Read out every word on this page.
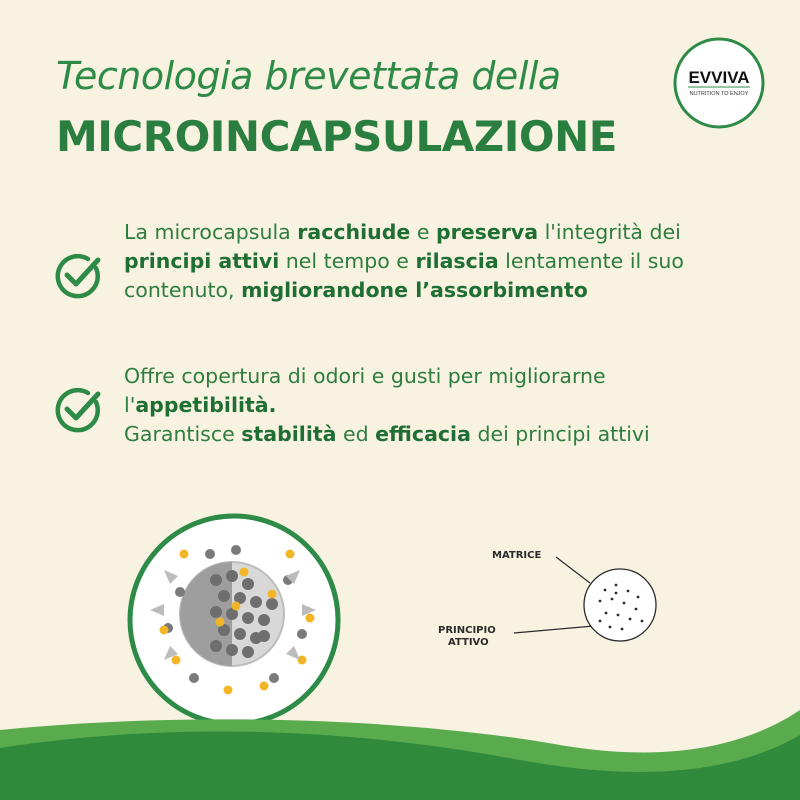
Tecnologia brevettata della
MICROINCAPSULAZIONE
EVVIVA
NUTRITION TO ENJOY
La microcapsula racchiude e preserva l'integrità dei principi attivi nel tempo e rilascia lentamente il suo contenuto, migliorandone l’assorbimento
Offre copertura di odori e gusti per migliorarne l'appetibilità.
Garantisce stabilità ed efficacia dei principi attivi
MATRICE
PRINCIPIO
ATTIVO
